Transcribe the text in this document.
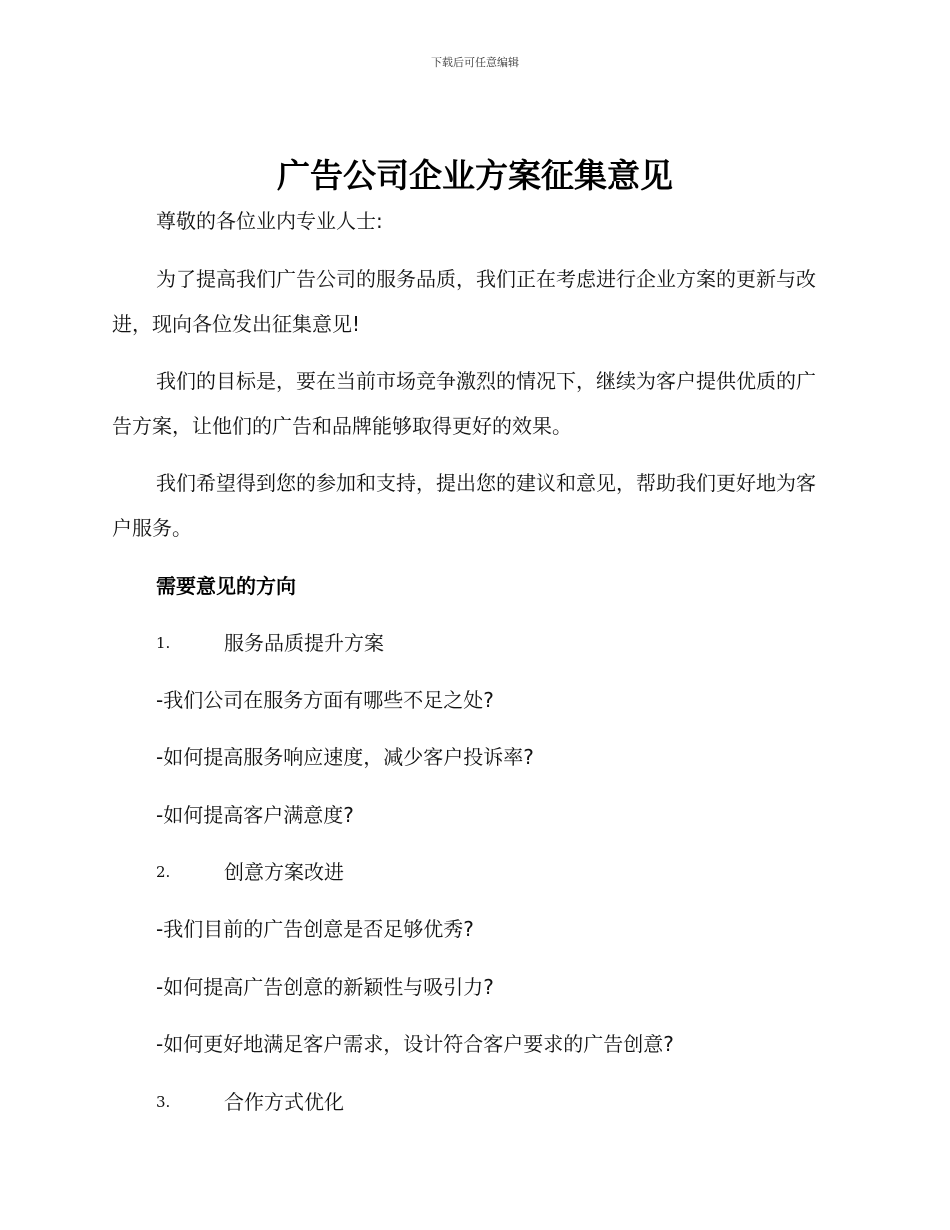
下载后可任意编辑
广告公司企业方案征集意见
尊敬的各位业内专业人士:
为了提高我们广告公司的服务品质，我们正在考虑进行企业方案的更新与改进，现向各位发出征集意见!
我们的目标是，要在当前市场竞争激烈的情况下，继续为客户提供优质的广告方案，让他们的广告和品牌能够取得更好的效果。
我们希望得到您的参加和支持，提出您的建议和意见，帮助我们更好地为客户服务。
需要意见的方向
1.	服务品质提升方案
-我们公司在服务方面有哪些不足之处?
-如何提高服务响应速度，减少客户投诉率?
-如何提高客户满意度?
2.	创意方案改进
-我们目前的广告创意是否足够优秀?
-如何提高广告创意的新颖性与吸引力?
-如何更好地满足客户需求，设计符合客户要求的广告创意?
3.	合作方式优化
